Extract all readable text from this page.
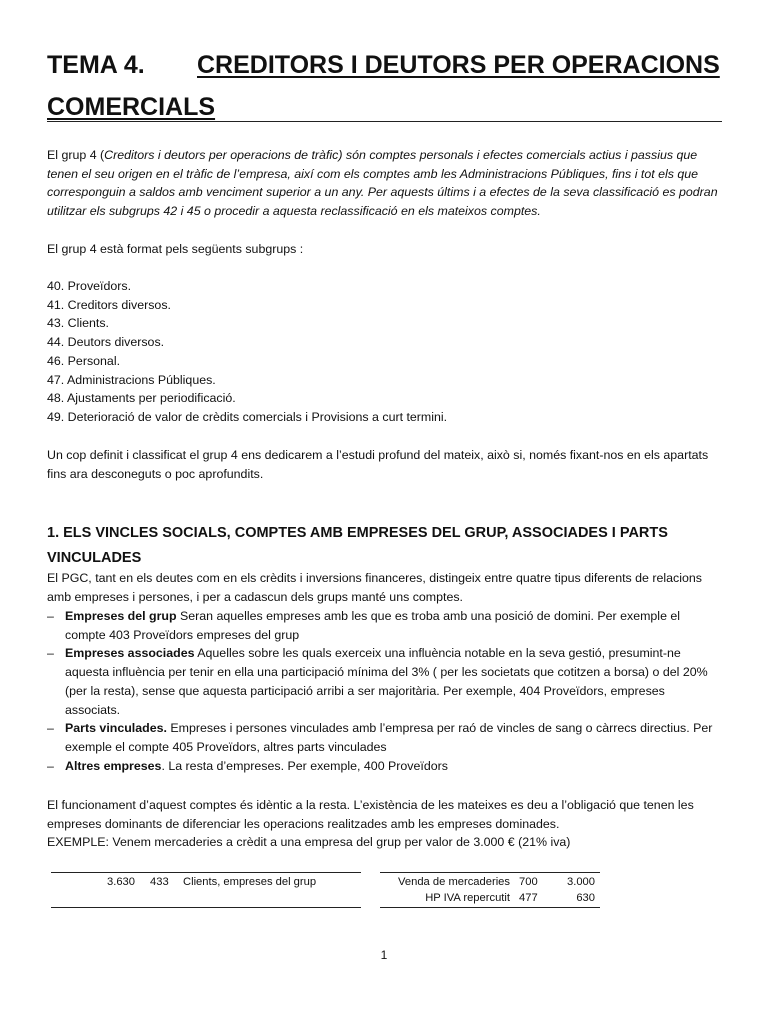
TEMA 4. CREDITORS I DEUTORS PER OPERACIONS COMERCIALS

El grup 4 (Creditors i deutors per operacions de tràfic) són comptes personals i efectes comercials actius i passius que tenen el seu origen en el tràfic de l’empresa, així com els comptes amb les Administracions Públiques, fins i tot els que corresponguin a saldos amb venciment superior a un any. Per aquests últims i a efectes de la seva classificació es podran utilitzar els subgrups 42 i 45 o procedir a aquesta reclassificació en els mateixos comptes.

El grup 4 està format pels següents subgrups :

40. Proveïdors.
41. Creditors diversos.
43. Clients.
44. Deutors diversos.
46. Personal.
47. Administracions Públiques.
48. Ajustaments per periodificació.
49. Deterioració de valor de crèdits comercials i Provisions a curt termini.

Un cop definit i classificat el grup 4 ens dedicarem a l’estudi profund del mateix, això si, només fixant-nos en els apartats fins ara desconeguts o poc aprofundits.

1. ELS VINCLES SOCIALS, COMPTES AMB EMPRESES DEL GRUP, ASSOCIADES I PARTS VINCULADES

El PGC, tant en els deutes com en els crèdits i inversions financeres, distingeix entre quatre tipus diferents de relacions amb empreses i persones, i per a cadascun dels grups manté uns comptes.

– Empreses del grup Seran aquelles empreses amb les que es troba amb una posició de domini. Per exemple el compte 403 Proveïdors empreses del grup
– Empreses associades Aquelles sobre les quals exerceix una influència notable en la seva gestió, presumint-ne aquesta influència per tenir en ella una participació mínima del 3% ( per les societats que cotitzen a borsa) o del 20% (per la resta), sense que aquesta participació arribi a ser majoritària. Per exemple, 404 Proveïdors, empreses associats.
– Parts vinculades. Empreses i persones vinculades amb l’empresa per raó de vincles de sang o càrrecs directius. Per exemple el compte 405 Proveïdors, altres parts vinculades
– Altres empreses. La resta d’empreses. Per exemple, 400 Proveïdors

El funcionament d’aquest comptes és idèntic a la resta. L’existència de les mateixes es deu a l’obligació que tenen les empreses dominants de diferenciar les operacions realitzades amb les empreses dominades.
EXEMPLE: Venem mercaderies a crèdit a una empresa del grup per valor de 3.000 € (21% iva)

3.630 433 Clients, empreses del grup	Venda de mercaderies 700	3.000
HP IVA repercutit 477	630
1
